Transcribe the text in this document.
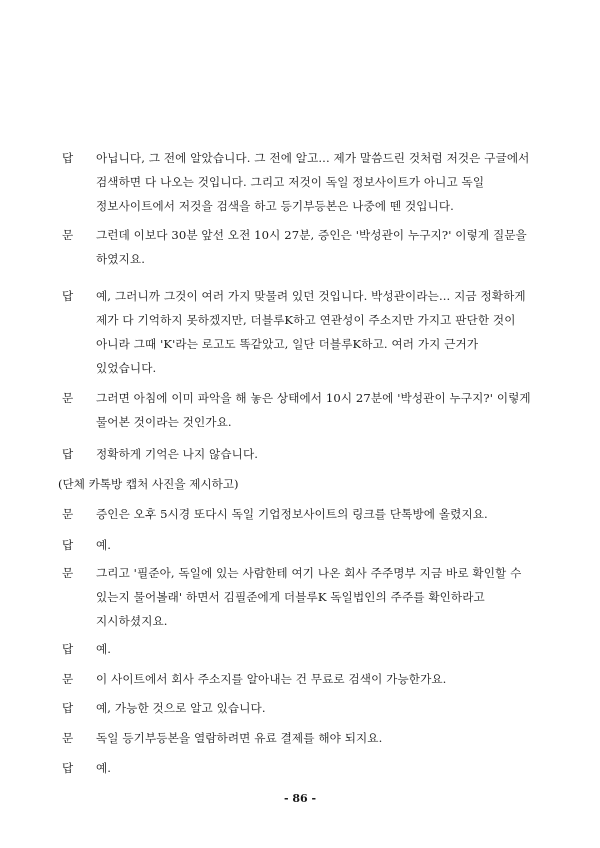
답	아닙니다, 그 전에 알았습니다. 그 전에 알고... 제가 말씀드린 것처럼 저것은 구글에서 검색하면 다 나오는 것입니다. 그리고 저것이 독일 정보사이트가 아니고 독일 정보사이트에서 저것을 검색을 하고 등기부등본은 나중에 뗀 것입니다.
문	그런데 이보다 30분 앞선 오전 10시 27분, 증인은 '박성관이 누구지?' 이렇게 질문을 하였지요.
답	예, 그러니까 그것이 여러 가지 맞물려 있던 것입니다. 박성관이라는... 지금 정확하게 제가 다 기억하지 못하겠지만, 더블루K하고 연관성이 주소지만 가지고 판단한 것이 아니라 그때 'K'라는 로고도 똑같았고, 일단 더블루K하고. 여러 가지 근거가 있었습니다.
문	그러면 아침에 이미 파악을 해 놓은 상태에서 10시 27분에 '박성관이 누구지?' 이렇게 물어본 것이라는 것인가요.
답	정확하게 기억은 나지 않습니다.
(단체 카톡방 캡처 사진을 제시하고)
문	증인은 오후 5시경 또다시 독일 기업정보사이트의 링크를 단톡방에 올렸지요.
답	예.
문	그리고 '필준아, 독일에 있는 사람한테 여기 나온 회사 주주명부 지금 바로 확인할 수 있는지 물어볼래' 하면서 김필준에게 더블루K 독일법인의 주주를 확인하라고 지시하셨지요.
답	예.
문	이 사이트에서 회사 주소지를 알아내는 건 무료로 검색이 가능한가요.
답	예, 가능한 것으로 알고 있습니다.
문	독일 등기부등본을 열람하려면 유료 결제를 해야 되지요.
답	예.
- 86 -
